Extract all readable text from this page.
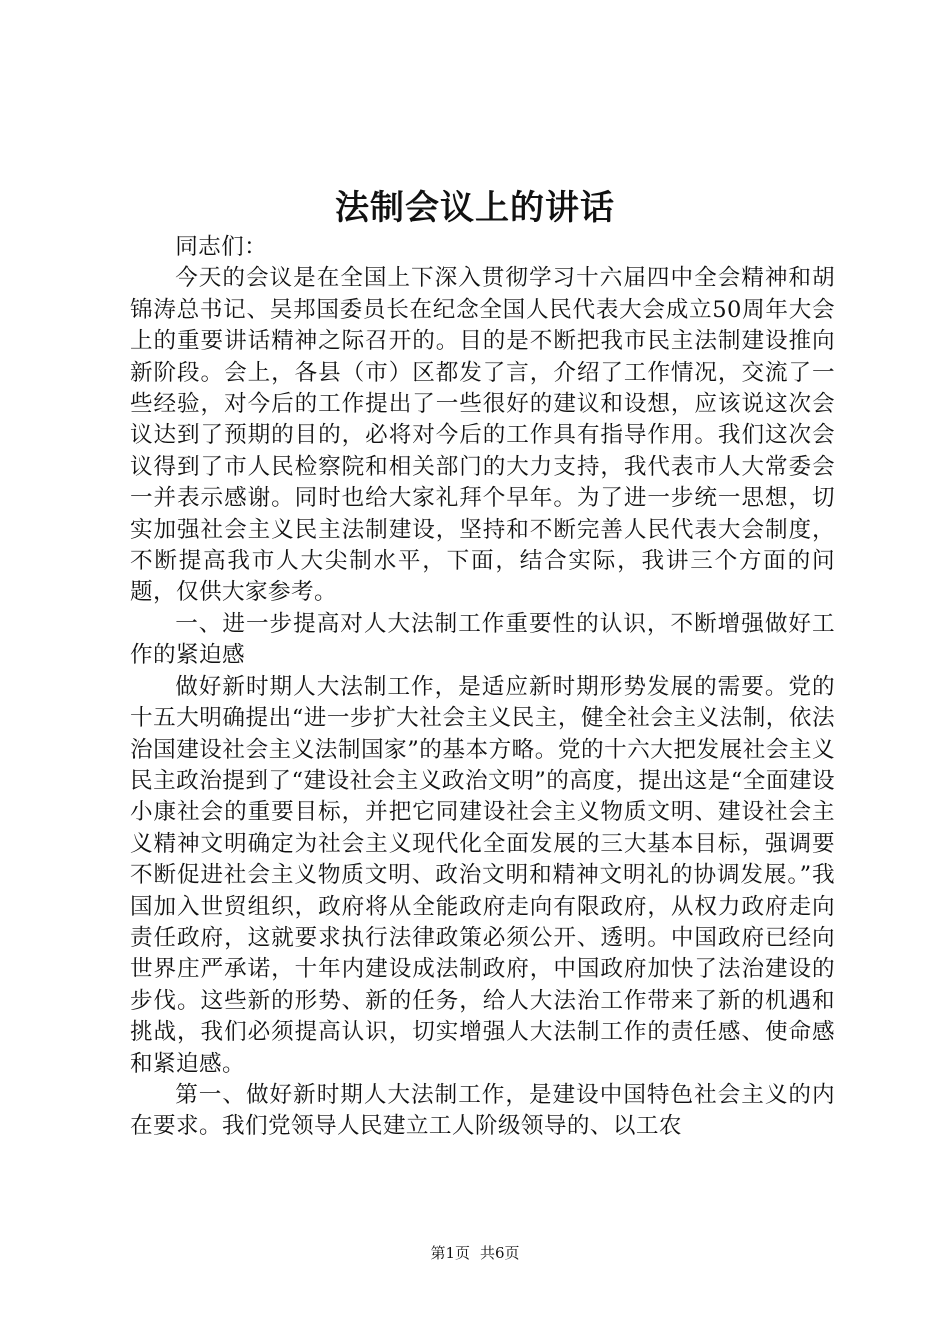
法制会议上的讲话

同志们：

今天的会议是在全国上下深入贯彻学习十六届四中全会精神和胡锦涛总书记、吴邦国委员长在纪念全国人民代表大会成立50周年大会上的重要讲话精神之际召开的。目的是不断把我市民主法制建设推向新阶段。会上，各县（市）区都发了言，介绍了工作情况，交流了一些经验，对今后的工作提出了一些很好的建议和设想，应该说这次会议达到了预期的目的，必将对今后的工作具有指导作用。我们这次会议得到了市人民检察院和相关部门的大力支持，我代表市人大常委会一并表示感谢。同时也给大家礼拜个早年。为了进一步统一思想，切实加强社会主义民主法制建设，坚持和不断完善人民代表大会制度，不断提高我市人大尖制水平，下面，结合实际，我讲三个方面的问题，仅供大家参考。

一、进一步提高对人大法制工作重要性的认识，不断增强做好工作的紧迫感

做好新时期人大法制工作，是适应新时期形势发展的需要。党的十五大明确提出“进一步扩大社会主义民主，健全社会主义法制，依法治国建设社会主义法制国家”的基本方略。党的十六大把发展社会主义民主政治提到了“建设社会主义政治文明”的高度，提出这是“全面建设小康社会的重要目标，并把它同建设社会主义物质文明、建设社会主义精神文明确定为社会主义现代化全面发展的三大基本目标，强调要不断促进社会主义物质文明、政治文明和精神文明礼的协调发展。”我国加入世贸组织，政府将从全能政府走向有限政府，从权力政府走向责任政府，这就要求执行法律政策必须公开、透明。中国政府已经向世界庄严承诺，十年内建设成法制政府，中国政府加快了法治建设的步伐。这些新的形势、新的任务，给人大法治工作带来了新的机遇和挑战，我们必须提高认识，切实增强人大法制工作的责任感、使命感和紧迫感。

第一、做好新时期人大法制工作，是建设中国特色社会主义的内在要求。我们党领导人民建立工人阶级领导的、以工农

第1页 共6页
